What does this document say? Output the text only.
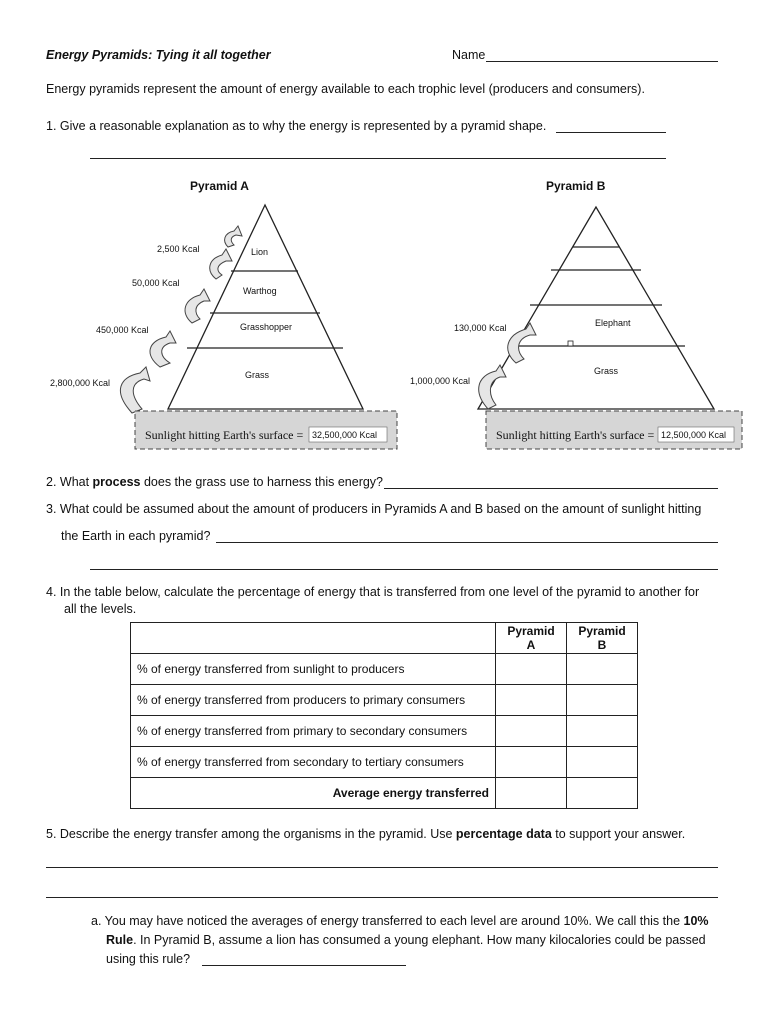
Energy Pyramids: Tying it all together	Name
Energy pyramids represent the amount of energy available to each trophic level (producers and consumers).
1. Give a reasonable explanation as to why the energy is represented by a pyramid shape.
Pyramid A
Lion
Warthog
Grasshopper
Grass
2,500 Kcal
50,000 Kcal
450,000 Kcal
2,800,000 Kcal
Sunlight hitting Earth's surface = 32,500,000 Kcal
Pyramid B
Elephant
Grass
130,000 Kcal
1,000,000 Kcal
Sunlight hitting Earth's surface = 12,500,000 Kcal
2. What process does the grass use to harness this energy?
3. What could be assumed about the amount of producers in Pyramids A and B based on the amount of sunlight hitting
the Earth in each pyramid?
4. In the table below, calculate the percentage of energy that is transferred from one level of the pyramid to another for
all the levels.
	Pyramid A	Pyramid B
% of energy transferred from sunlight to producers		
% of energy transferred from producers to primary consumers		
% of energy transferred from primary to secondary consumers		
% of energy transferred from secondary to tertiary consumers		
Average energy transferred		
5. Describe the energy transfer among the organisms in the pyramid. Use percentage data to support your answer.
a. You may have noticed the averages of energy transferred to each level are around 10%. We call this the 10%
Rule. In Pyramid B, assume a lion has consumed a young elephant. How many kilocalories could be passed
using this rule?
